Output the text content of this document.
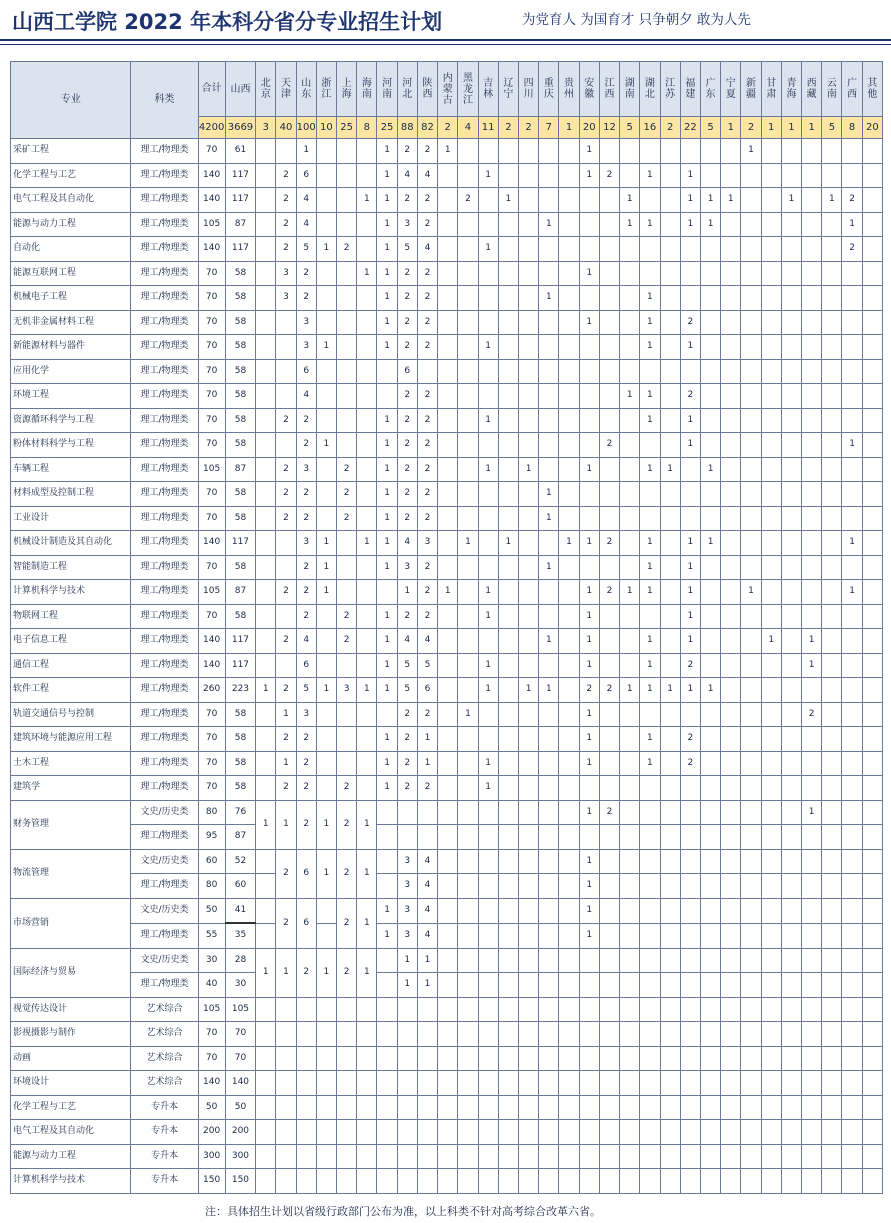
山西工学院 2022 年本科分省分专业招生计划	为党育人 为国育才 只争朝夕 敢为人先
专业	科类	合计	山西	北京	天津	山东	浙江	上海	海南	河南	河北	陕西	内蒙古	黑龙江	吉林	辽宁	四川	重庆	贵州	安徽	江西	湖南	湖北	江苏	福建	广东	宁夏	新疆	甘肃	青海	西藏	云南	广西	其他
		4200	3669	3	40	100	10	25	8	25	88	82	2	4	11	2	2	7	1	20	12	5	16	2	22	5	1	2	1	1	1	5	8	20
采矿工程	理工/物理类	70	61			1				1	2	2	1							1								1						
化学工程与工艺	理工/物理类	140	117		2	6				1	4	4			1					1	2		1		1									
电气工程及其自动化	理工/物理类	140	117		2	4			1	1	2	2		2		1						1			1	1	1			1		1	2	
能源与动力工程	理工/物理类	105	87		2	4				1	3	2						1				1	1		1	1							1	
自动化	理工/物理类	140	117		2	5	1	2		1	5	4			1																		2	
能源互联网工程	理工/物理类	70	58		3	2			1	1	2	2								1														
机械电子工程	理工/物理类	70	58		3	2				1	2	2						1					1											
无机非金属材料工程	理工/物理类	70	58			3				1	2	2								1			1		2									
新能源材料与器件	理工/物理类	70	58			3	1			1	2	2			1								1		1									
应用化学	理工/物理类	70	58			6					6																							
环境工程	理工/物理类	70	58			4					2	2										1	1		2									
资源循环科学与工程	理工/物理类	70	58		2	2				1	2	2			1								1		1									
粉体材料科学与工程	理工/物理类	70	58			2	1			1	2	2									2				1								1	
车辆工程	理工/物理类	105	87		2	3		2		1	2	2			1		1			1			1	1		1								
材料成型及控制工程	理工/物理类	70	58		2	2		2		1	2	2						1																
工业设计	理工/物理类	70	58		2	2		2		1	2	2						1																
机械设计制造及其自动化	理工/物理类	140	117			3	1		1	1	4	3		1		1			1	1	2		1		1	1							1	
智能制造工程	理工/物理类	70	58			2	1			1	3	2						1					1		1									
计算机科学与技术	理工/物理类	105	87		2	2	1				1	2	1		1					1	2	1	1		1			1					1	
物联网工程	理工/物理类	70	58			2		2		1	2	2			1					1					1									
电子信息工程	理工/物理类	140	117		2	4		2		1	4	4						1		1			1		1				1		1			
通信工程	理工/物理类	140	117			6				1	5	5			1					1			1		2						1			
软件工程	理工/物理类	260	223	1	2	5	1	3	1	1	5	6			1		1	1		2	2	1	1	1	1	1								
轨道交通信号与控制	理工/物理类	70	58		1	3					2	2		1						1											2			
建筑环境与能源应用工程	理工/物理类	70	58		2	2				1	2	1								1			1		2									
土木工程	理工/物理类	70	58		1	2				1	2	1			1					1			1		2									
建筑学	理工/物理类	70	58		2	2		2		1	2	2			1																			
财务管理	文史/历史类	80	76	1	1	2	1	2	1											1	2										1			
	理工/物理类	95	87																															
物流管理	文史/历史类	60	52		2	6	1	2	1		3	4								1														
	理工/物理类	80	60								3	4								1														
市场营销	文史/历史类	50	41		2	6		2	1	1	3	4								1														
	理工/物理类	55	35							1	3	4								1														
国际经济与贸易	文史/历史类	30	28	1	1	2	1	2	1		1	1																						
	理工/物理类	40	30								1	1																						
视觉传达设计	艺术综合	105	105																															
影视摄影与制作	艺术综合	70	70																															
动画	艺术综合	70	70																															
环境设计	艺术综合	140	140																															
化学工程与工艺	专升本	50	50																															
电气工程及其自动化	专升本	200	200																															
能源与动力工程	专升本	300	300																															
计算机科学与技术	专升本	150	150																															
注：具体招生计划以省级行政部门公布为准，以上科类不针对高考综合改革六省。
